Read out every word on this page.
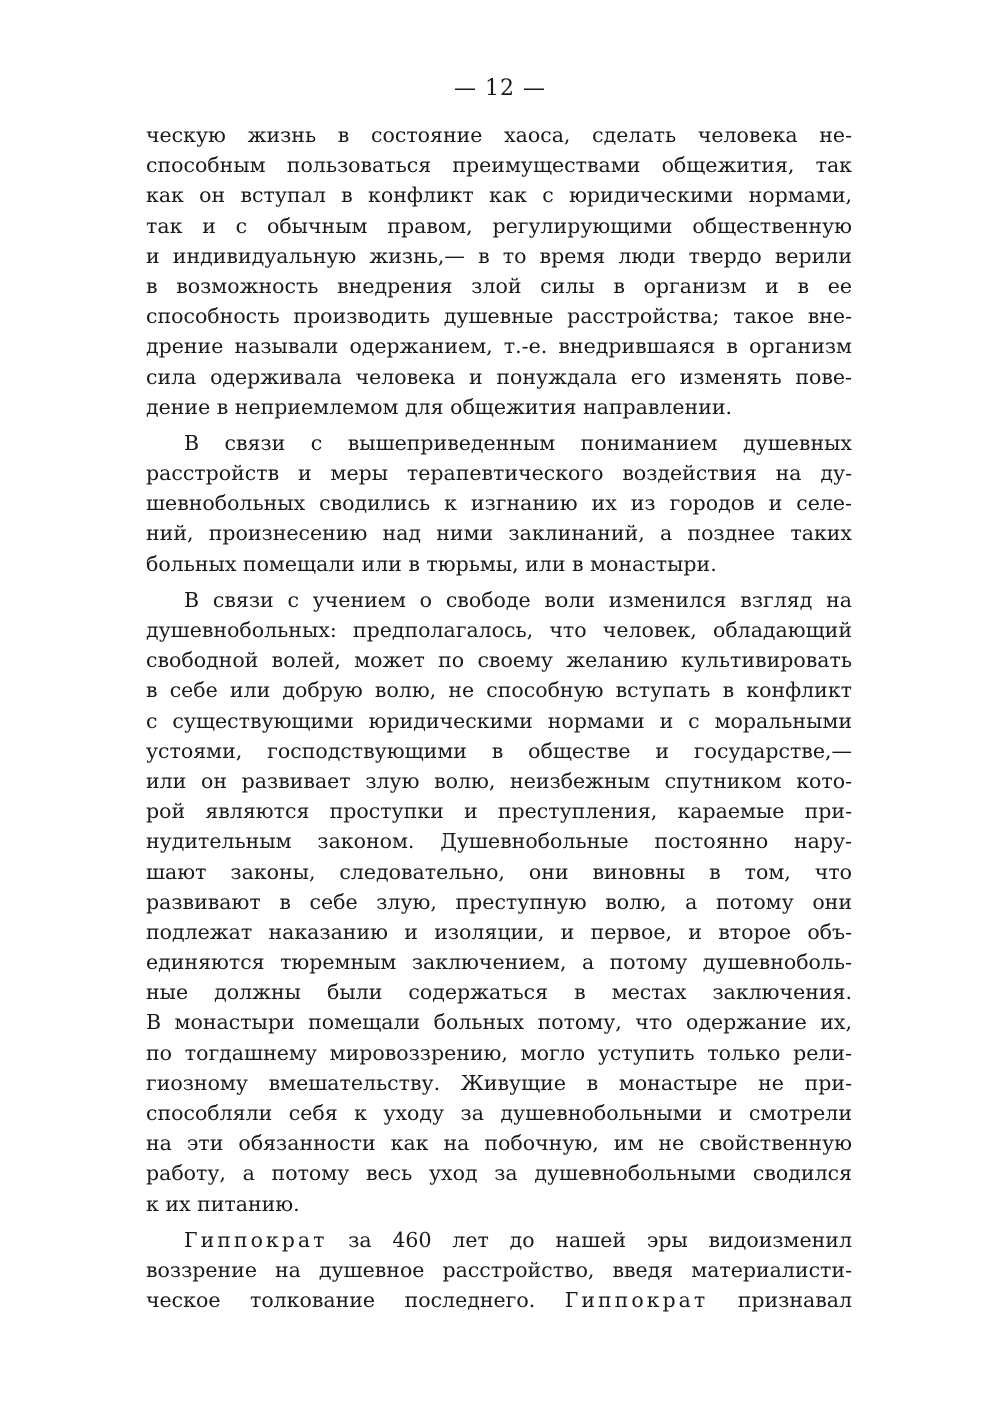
— 12 —
ческую жизнь в состояние хаоса, сделать человека не-
способным пользоваться преимуществами общежития, так
как он вступал в конфликт как с юридическими нормами,
так и с обычным правом, регулирующими общественную
и индивидуальную жизнь,— в то время люди твердо верили
в возможность внедрения злой силы в организм и в ее
способность производить душевные расстройства; такое вне-
дрение называли одержанием, т.-е. внедрившаяся в организм
сила одерживала человека и понуждала его изменять пове-
дение в неприемлемом для общежития направлении.
В связи с вышеприведенным пониманием душевных
расстройств и меры терапевтического воздействия на ду-
шевнобольных сводились к изгнанию их из городов и селе-
ний, произнесению над ними заклинаний, а позднее таких
больных помещали или в тюрьмы, или в монастыри.
В связи с учением о свободе воли изменился взгляд на
душевнобольных: предполагалось, что человек, обладающий
свободной волей, может по своему желанию культивировать
в себе или добрую волю, не способную вступать в конфликт
с существующими юридическими нормами и с моральными
устоями, господствующими в обществе и государстве,—
или он развивает злую волю, неизбежным спутником кото-
рой являются проступки и преступления, караемые при-
нудительным законом. Душевнобольные постоянно нару-
шают законы, следовательно, они виновны в том, что
развивают в себе злую, преступную волю, а потому они
подлежат наказанию и изоляции, и первое, и второе объ-
единяются тюремным заключением, а потому душевноболь-
ные должны были содержаться в местах заключения.
В монастыри помещали больных потому, что одержание их,
по тогдашнему мировоззрению, могло уступить только рели-
гиозному вмешательству. Живущие в монастыре не при-
способляли себя к уходу за душевнобольными и смотрели
на эти обязанности как на побочную, им не свойственную
работу, а потому весь уход за душевнобольными сводился
к их питанию.
Гиппократ за 460 лет до нашей эры видоизменил
воззрение на душевное расстройство, введя материалисти-
ческое толкование последнего. Гиппократ признавал
